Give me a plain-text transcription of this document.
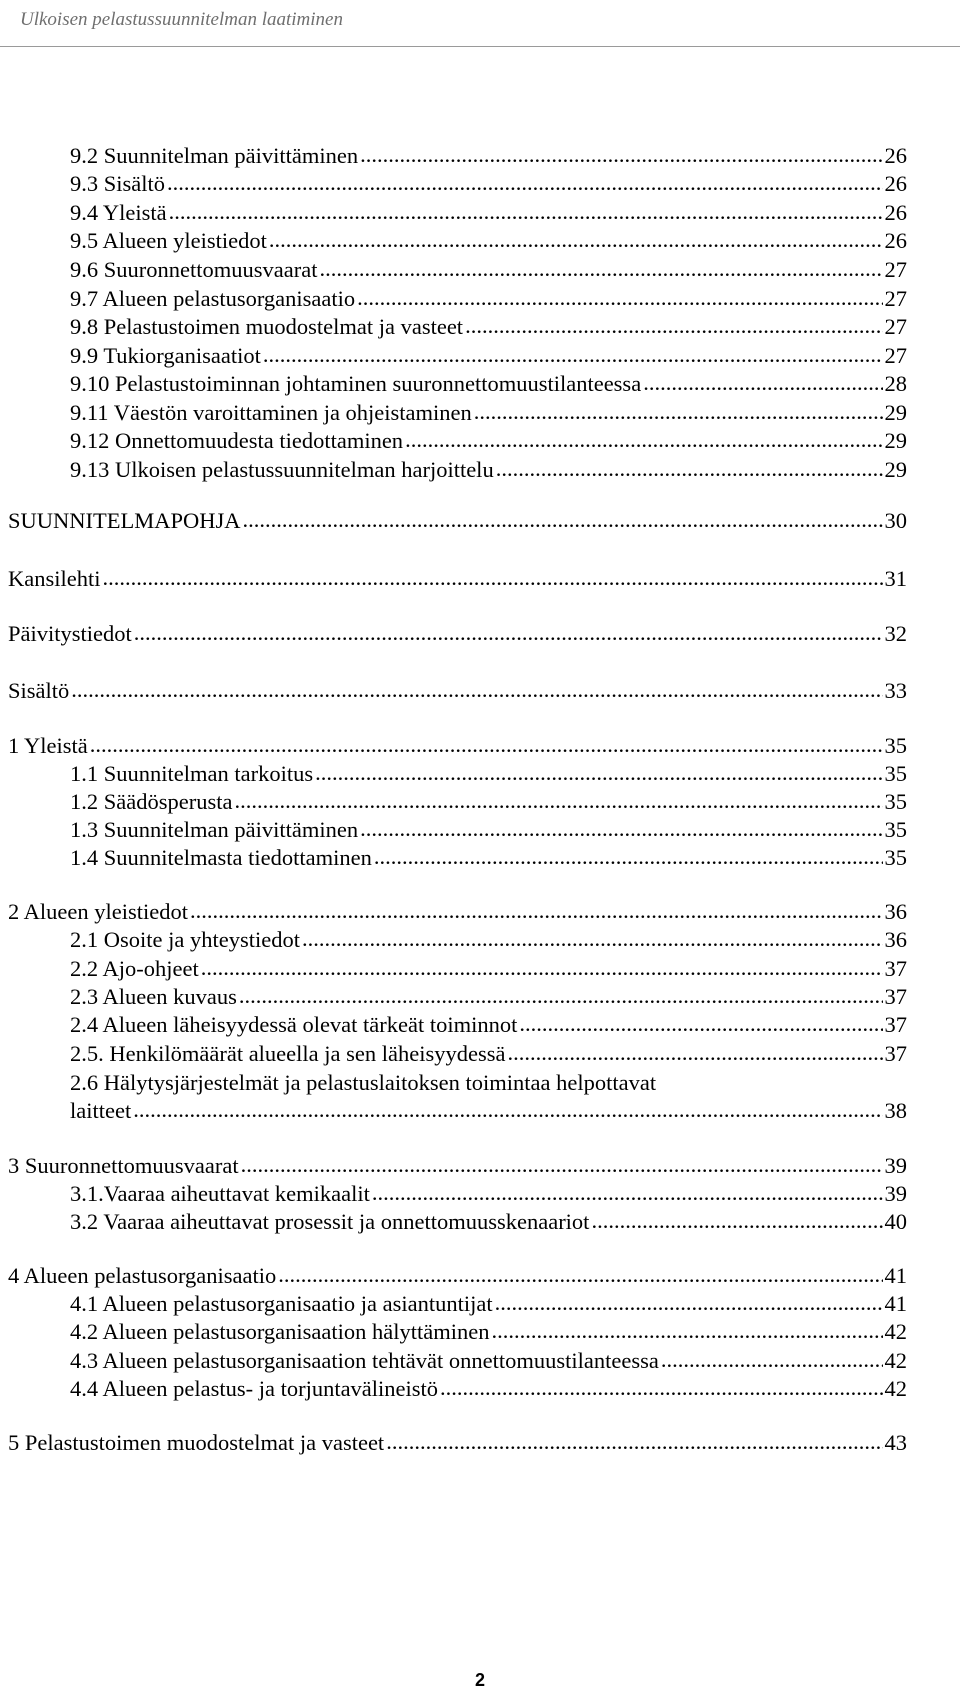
Ulkoisen pelastussuunnitelman laatiminen
9.2 Suunnitelman päivittäminen .....	26
9.3 Sisältö .....	26
9.4 Yleistä .....	26
9.5 Alueen yleistiedot .....	26
9.6 Suuronnettomuusvaarat .....	27
9.7 Alueen pelastusorganisaatio .....	27
9.8 Pelastustoimen muodostelmat ja vasteet .....	27
9.9 Tukiorganisaatiot .....	27
9.10 Pelastustoiminnan johtaminen suuronnettomuustilanteessa .....	28
9.11 Väestön varoittaminen ja ohjeistaminen .....	29
9.12 Onnettomuudesta tiedottaminen .....	29
9.13 Ulkoisen pelastussuunnitelman harjoittelu .....	29
SUUNNITELMAPOHJA .....	30
Kansilehti .....	31
Päivitystiedot .....	32
Sisältö .....	33
1 Yleistä .....	35
1.1 Suunnitelman tarkoitus .....	35
1.2 Säädösperusta .....	35
1.3 Suunnitelman päivittäminen .....	35
1.4 Suunnitelmasta tiedottaminen .....	35
2 Alueen yleistiedot .....	36
2.1 Osoite ja yhteystiedot .....	36
2.2 Ajo-ohjeet .....	37
2.3 Alueen kuvaus .....	37
2.4 Alueen läheisyydessä olevat tärkeät toiminnot .....	37
2.5. Henkilömäärät alueella ja sen läheisyydessä .....	37
2.6 Hälytysjärjestelmät ja pelastuslaitoksen toimintaa helpottavat
laitteet .....	38
3 Suuronnettomuusvaarat .....	39
3.1.Vaaraa aiheuttavat kemikaalit .....	39
3.2 Vaaraa aiheuttavat prosessit ja onnettomuusskenaariot .....	40
4 Alueen pelastusorganisaatio .....	41
4.1 Alueen pelastusorganisaatio ja asiantuntijat .....	41
4.2 Alueen pelastusorganisaation hälyttäminen .....	42
4.3 Alueen pelastusorganisaation tehtävät onnettomuustilanteessa .....	42
4.4 Alueen pelastus- ja torjuntavälineistö .....	42
5 Pelastustoimen muodostelmat ja vasteet .....	43
2
